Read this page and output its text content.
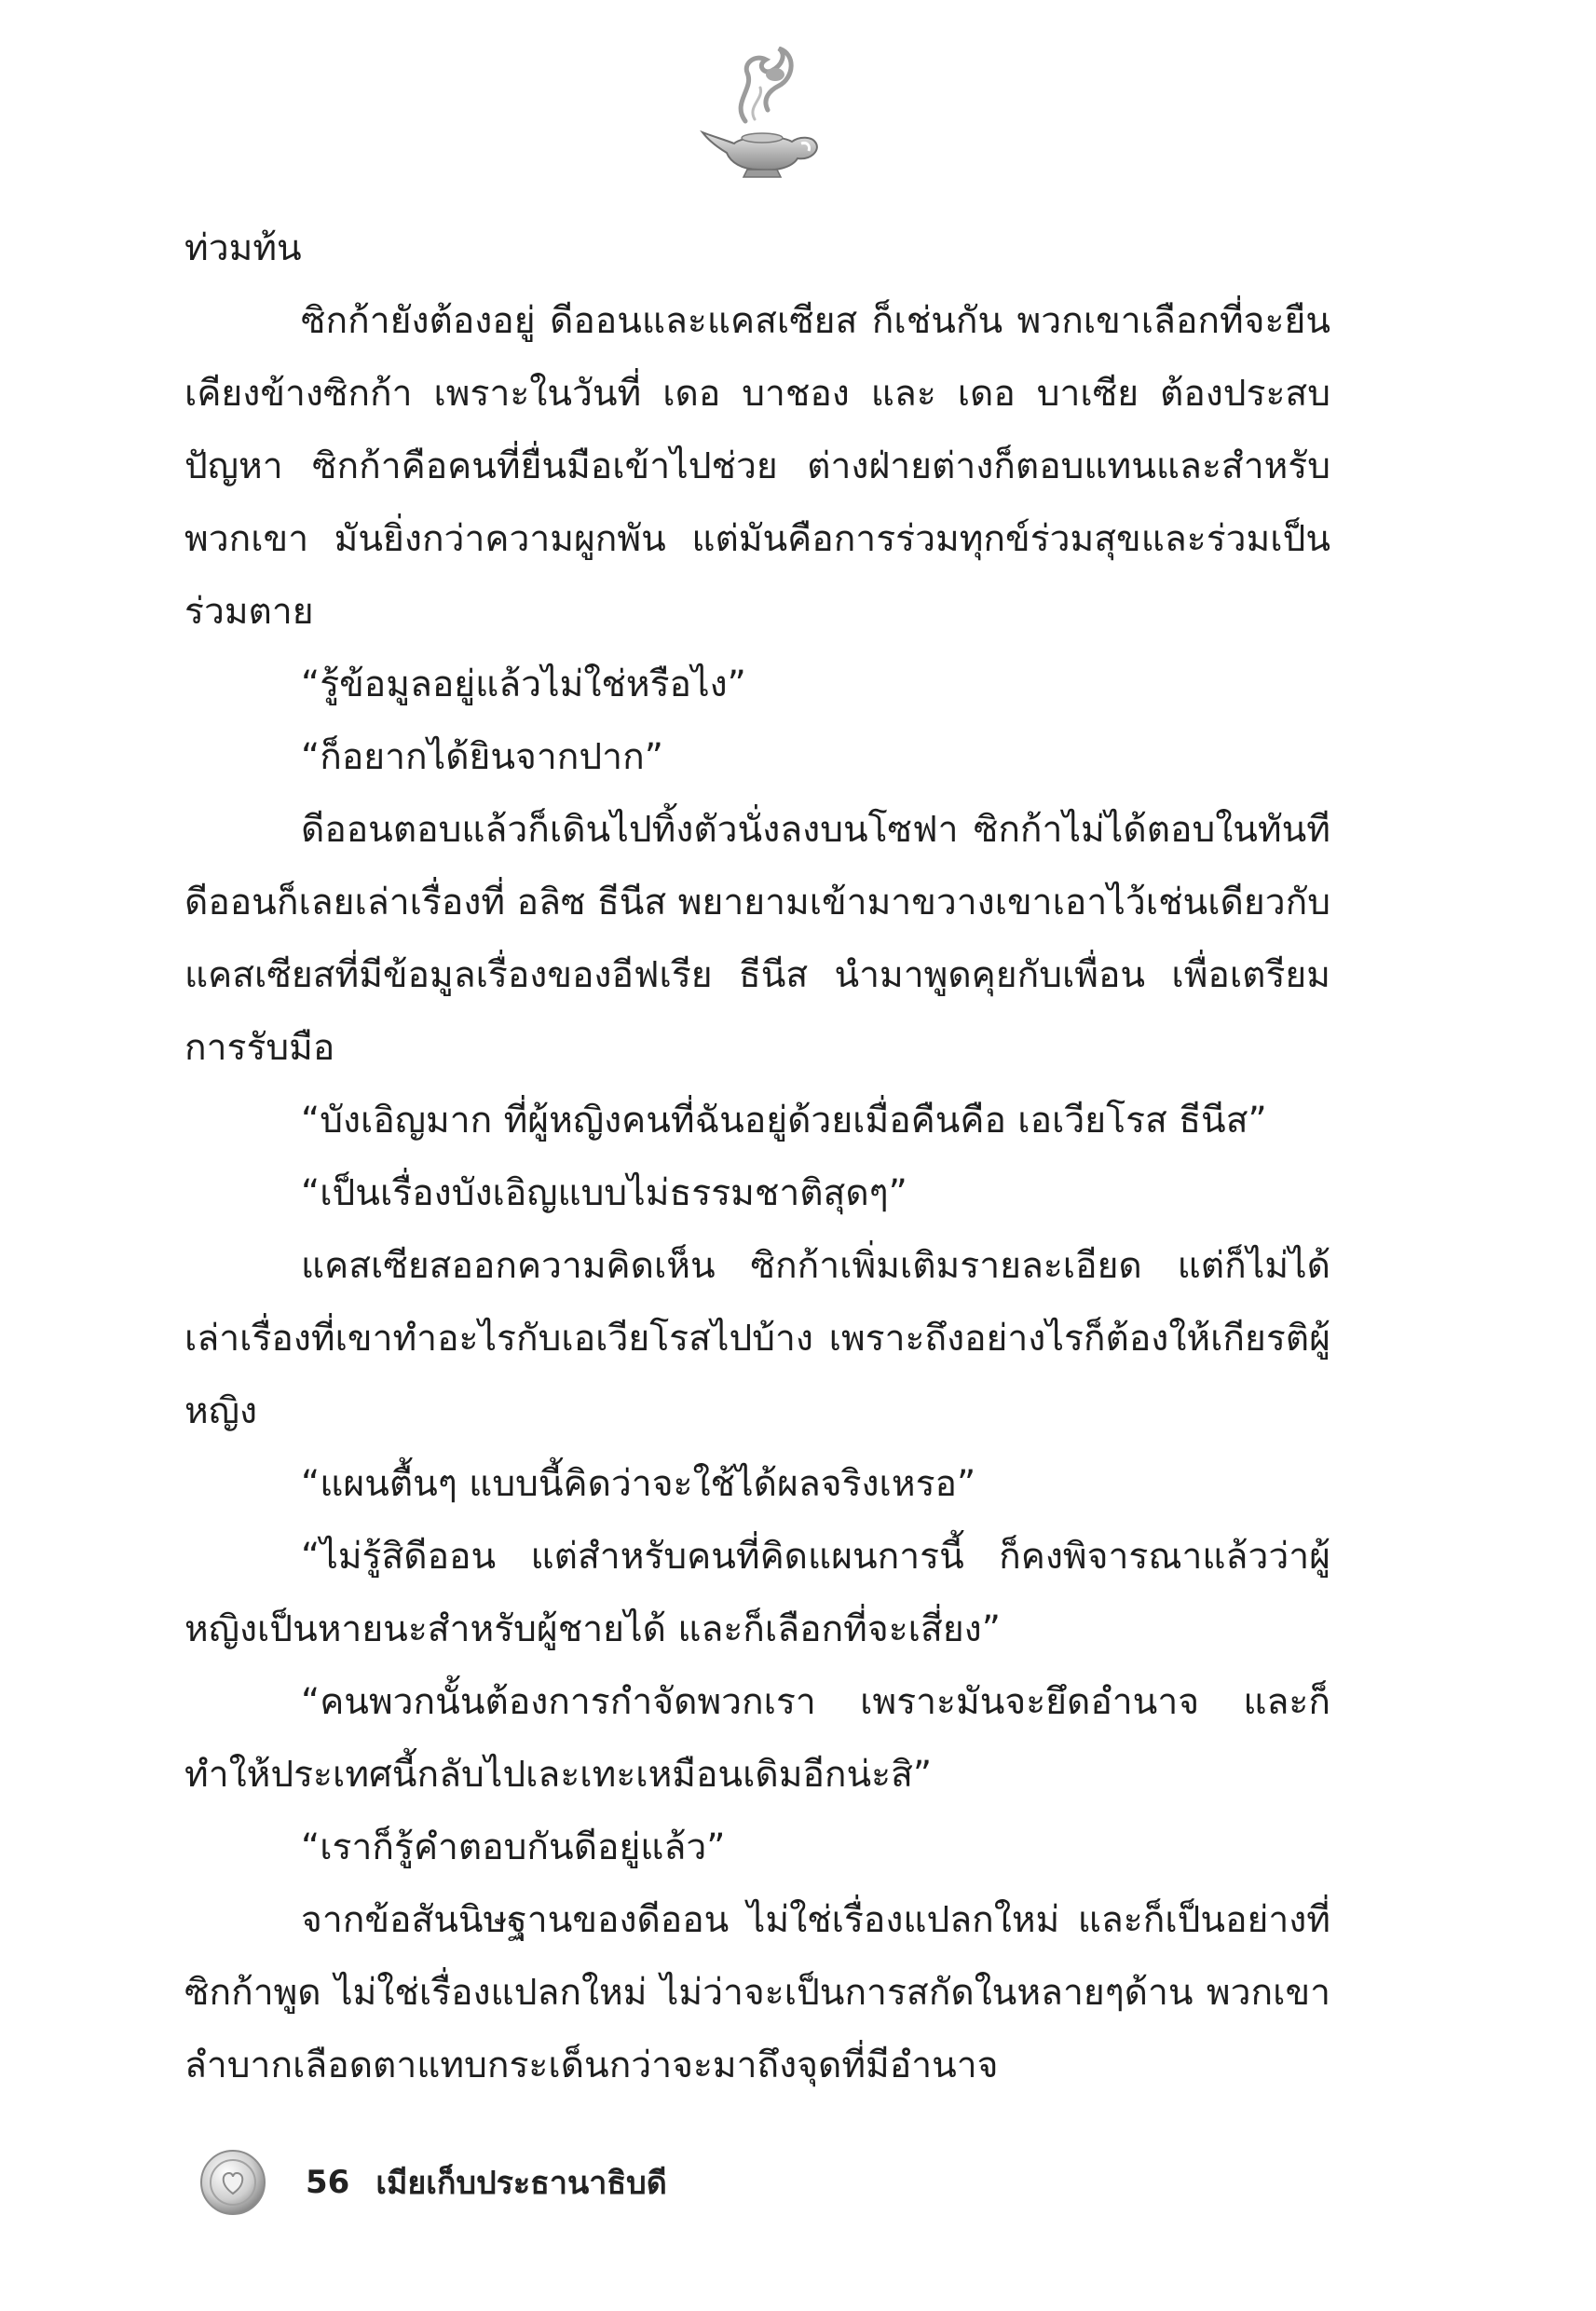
ท่วมท้น

ซิกก้ายังต้องอยู่ ดีออนและแคสเซียส ก็เช่นกัน พวกเขาเลือกที่จะยืนเคียงข้างซิกก้า เพราะในวันที่ เดอ บาชอง และ เดอ บาเซีย ต้องประสบปัญหา ซิกก้าคือคนที่ยื่นมือเข้าไปช่วย ต่างฝ่ายต่างก็ตอบแทนและสำหรับพวกเขา มันยิ่งกว่าความผูกพัน แต่มันคือการร่วมทุกข์ร่วมสุขและร่วมเป็นร่วมตาย

“รู้ข้อมูลอยู่แล้วไม่ใช่หรือไง”

“ก็อยากได้ยินจากปาก”

ดีออนตอบแล้วก็เดินไปทิ้งตัวนั่งลงบนโซฟา ซิกก้าไม่ได้ตอบในทันที ดีออนก็เลยเล่าเรื่องที่ อลิซ ธีนีส พยายามเข้ามาขวางเขาเอาไว้เช่นเดียวกับแคสเซียสที่มีข้อมูลเรื่องของอีฟเรีย ธีนีส นำมาพูดคุยกับเพื่อน เพื่อเตรียมการรับมือ

“บังเอิญมาก ที่ผู้หญิงคนที่ฉันอยู่ด้วยเมื่อคืนคือ เอเวียโรส ธีนีส”

“เป็นเรื่องบังเอิญแบบไม่ธรรมชาติสุดๆ”

แคสเซียสออกความคิดเห็น ซิกก้าเพิ่มเติมรายละเอียด แต่ก็ไม่ได้เล่าเรื่องที่เขาทำอะไรกับเอเวียโรสไปบ้าง เพราะถึงอย่างไรก็ต้องให้เกียรติผู้หญิง

“แผนตื้นๆ แบบนี้คิดว่าจะใช้ได้ผลจริงเหรอ”

“ไม่รู้สิดีออน แต่สำหรับคนที่คิดแผนการนี้ ก็คงพิจารณาแล้วว่าผู้หญิงเป็นหายนะสำหรับผู้ชายได้ และก็เลือกที่จะเสี่ยง”

“คนพวกนั้นต้องการกำจัดพวกเรา เพราะมันจะยึดอำนาจ และก็ทำให้ประเทศนี้กลับไปเละเทะเหมือนเดิมอีกน่ะสิ”

“เราก็รู้คำตอบกันดีอยู่แล้ว”

จากข้อสันนิษฐานของดีออน ไม่ใช่เรื่องแปลกใหม่ และก็เป็นอย่างที่ซิกก้าพูด ไม่ใช่เรื่องแปลกใหม่ ไม่ว่าจะเป็นการสกัดในหลายๆด้าน พวกเขาลำบากเลือดตาแทบกระเด็นกว่าจะมาถึงจุดที่มีอำนาจ

56 เมียเก็บประธานาธิบดี
